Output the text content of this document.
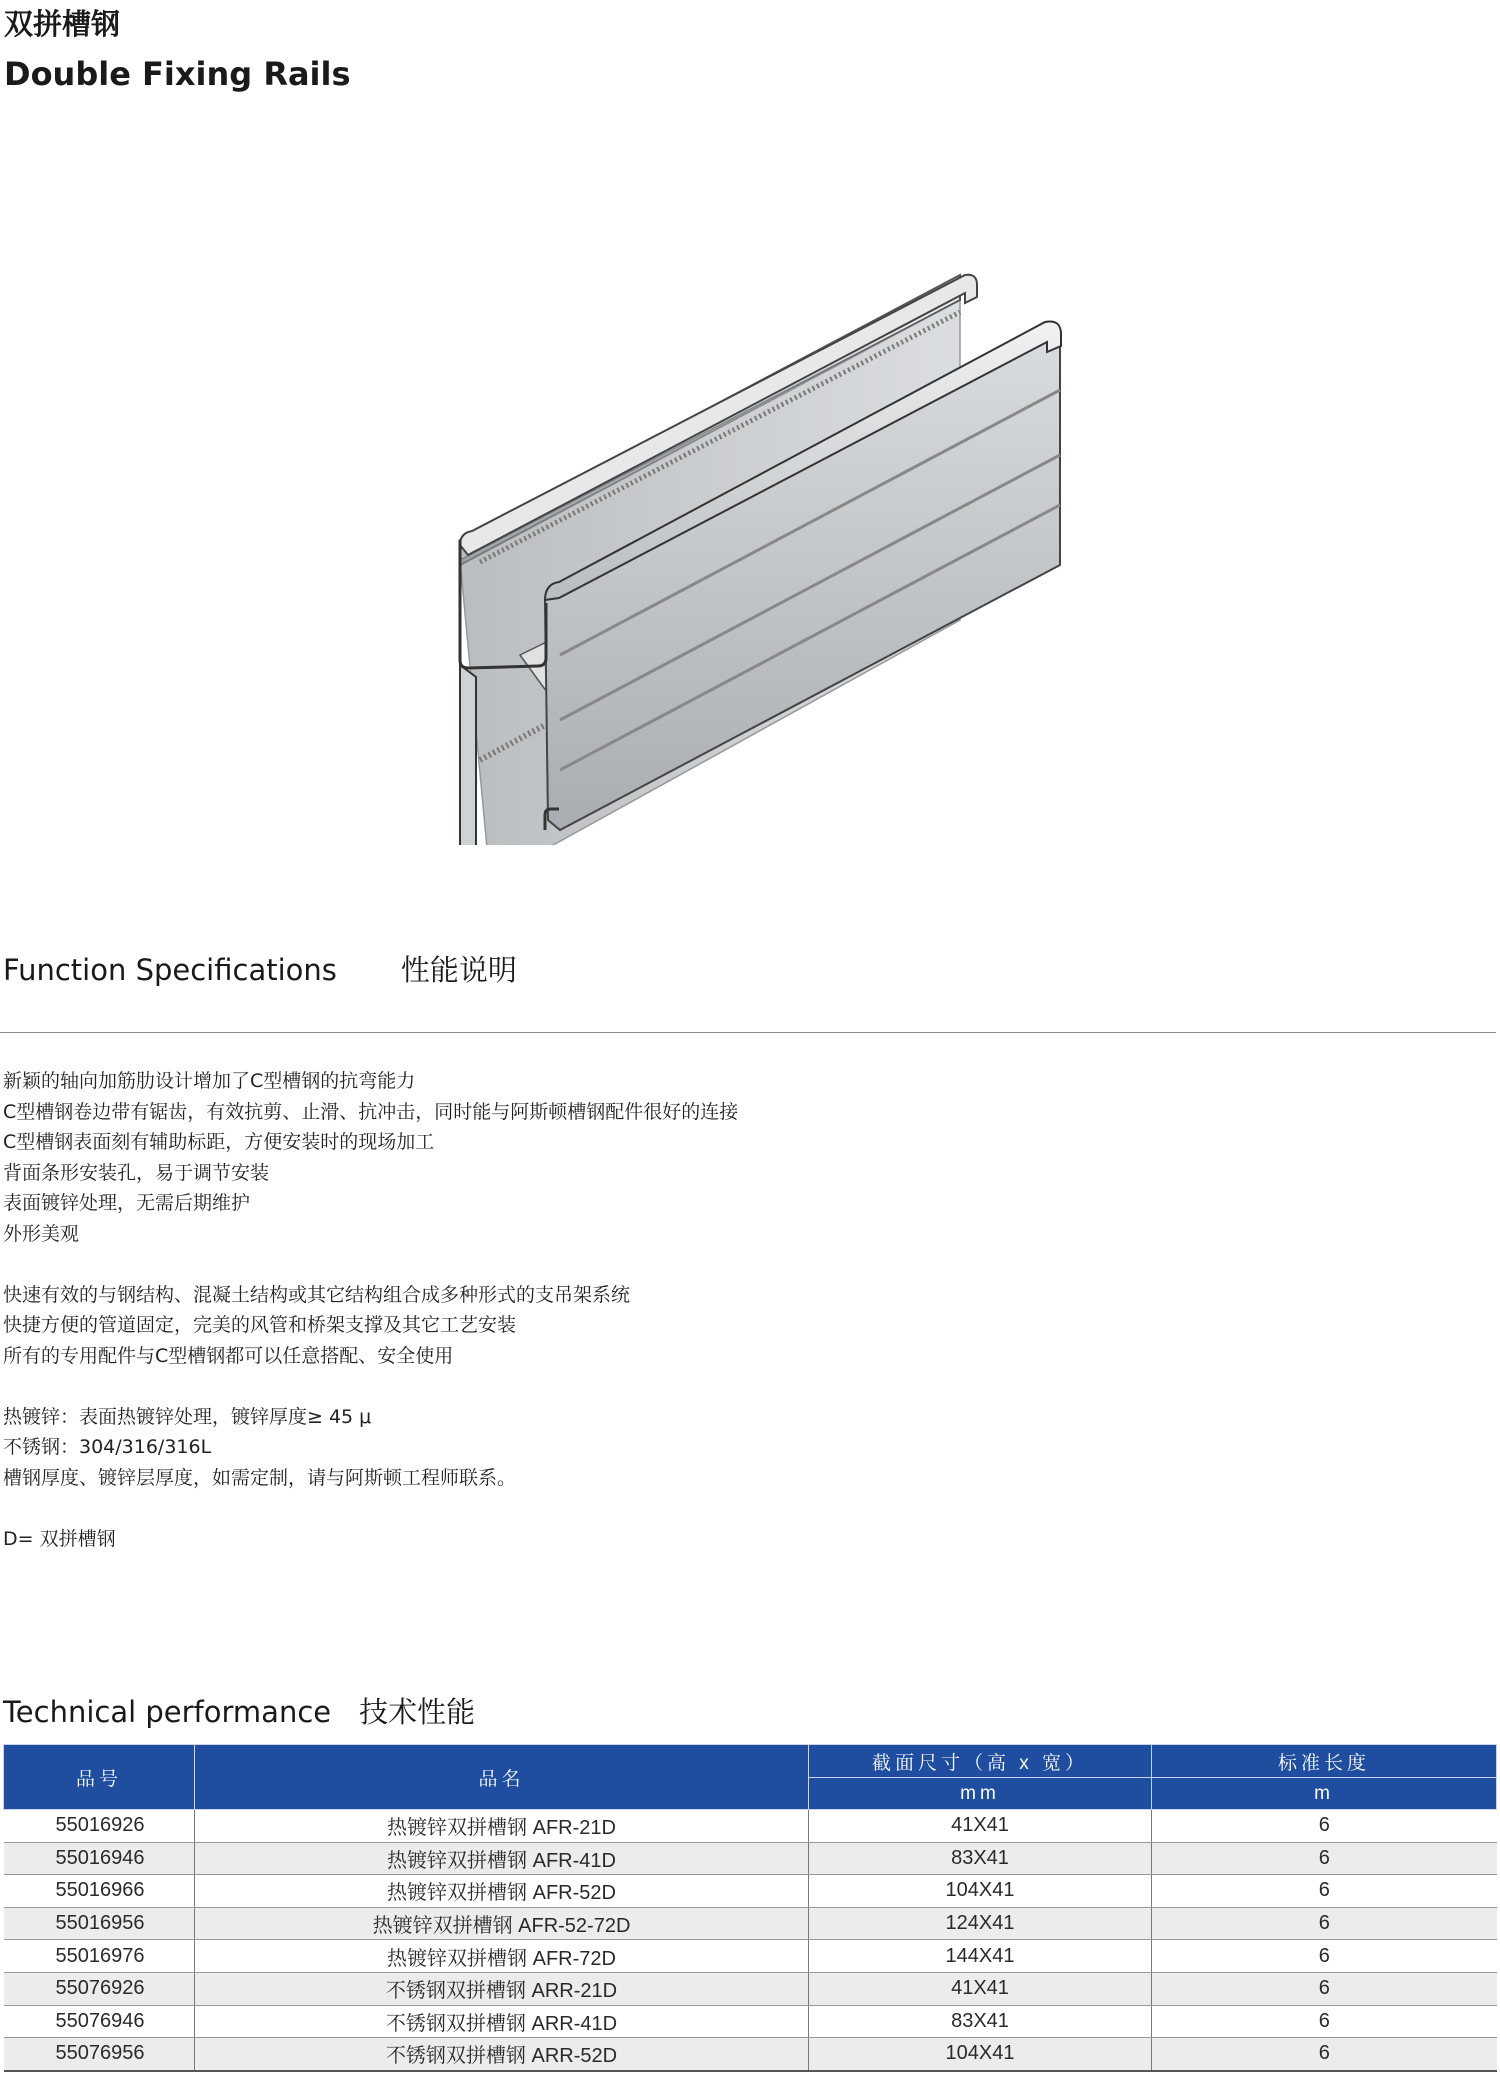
双拼槽钢
Double Fixing Rails
Function Specifications 性能说明
新颖的轴向加筋肋设计增加了C型槽钢的抗弯能力
C型槽钢卷边带有锯齿，有效抗剪、止滑、抗冲击，同时能与阿斯顿槽钢配件很好的连接
C型槽钢表面刻有辅助标距，方便安装时的现场加工
背面条形安装孔，易于调节安装
表面镀锌处理，无需后期维护
外形美观
快速有效的与钢结构、混凝土结构或其它结构组合成多种形式的支吊架系统
快捷方便的管道固定，完美的风管和桥架支撑及其它工艺安装
所有的专用配件与C型槽钢都可以任意搭配、安全使用
热镀锌：表面热镀锌处理，镀锌厚度≥ 45 μ
不锈钢：304/316/316L
槽钢厚度、镀锌层厚度，如需定制，请与阿斯顿工程师联系。
D= 双拼槽钢
Technical performance 技术性能
品号	品名	截面尺寸（高 x 宽）	标准长度
		mm	m
55016926	热镀锌双拼槽钢 AFR-21D	41X41	6
55016946	热镀锌双拼槽钢 AFR-41D	83X41	6
55016966	热镀锌双拼槽钢 AFR-52D	104X41	6
55016956	热镀锌双拼槽钢 AFR-52-72D	124X41	6
55016976	热镀锌双拼槽钢 AFR-72D	144X41	6
55076926	不锈钢双拼槽钢 ARR-21D	41X41	6
55076946	不锈钢双拼槽钢 ARR-41D	83X41	6
55076956	不锈钢双拼槽钢 ARR-52D	104X41	6
